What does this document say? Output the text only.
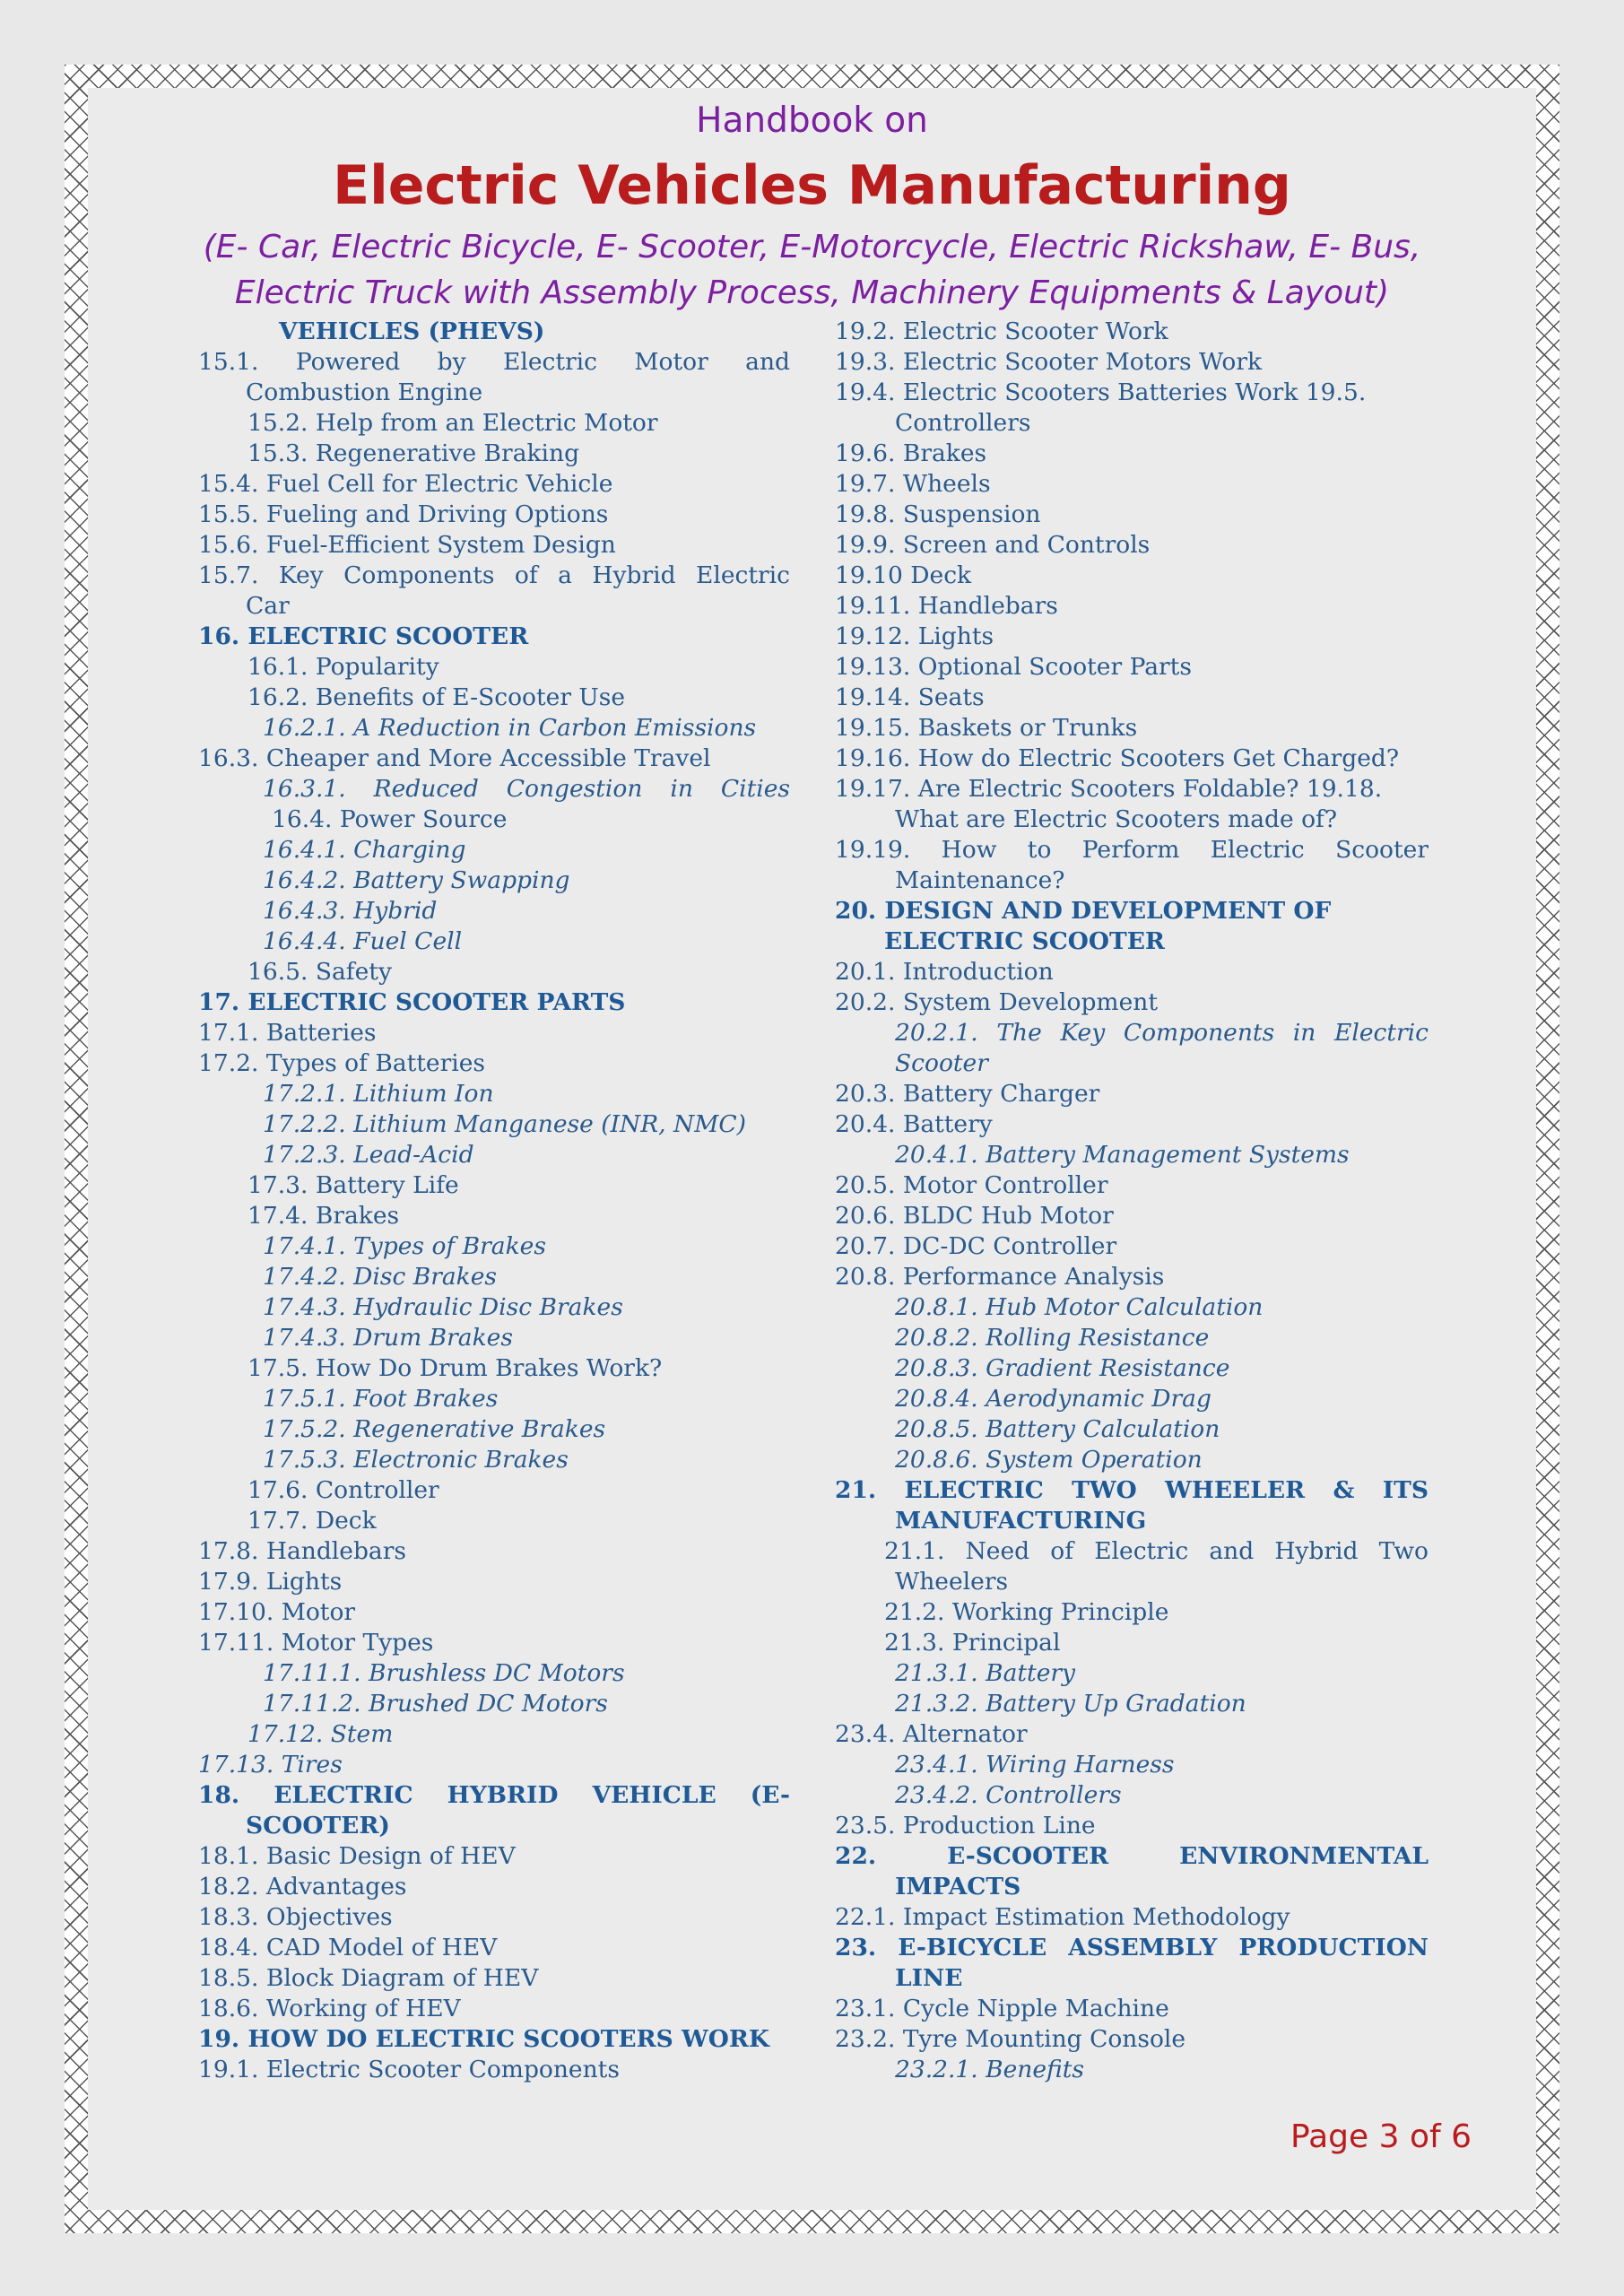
Handbook on
Electric Vehicles Manufacturing
(E- Car, Electric Bicycle, E- Scooter, E-Motorcycle, Electric Rickshaw, E- Bus,
Electric Truck with Assembly Process, Machinery Equipments & Layout)
VEHICLES (PHEVS)
15.1. Powered by Electric Motor and
Combustion Engine
15.2. Help from an Electric Motor
15.3. Regenerative Braking
15.4. Fuel Cell for Electric Vehicle
15.5. Fueling and Driving Options
15.6. Fuel-Efficient System Design
15.7. Key Components of a Hybrid Electric
Car
16. ELECTRIC SCOOTER
16.1. Popularity
16.2. Benefits of E-Scooter Use
16.2.1. A Reduction in Carbon Emissions
16.3. Cheaper and More Accessible Travel
16.3.1. Reduced Congestion in Cities
16.4. Power Source
16.4.1. Charging
16.4.2. Battery Swapping
16.4.3. Hybrid
16.4.4. Fuel Cell
16.5. Safety
17. ELECTRIC SCOOTER PARTS
17.1. Batteries
17.2. Types of Batteries
17.2.1. Lithium Ion
17.2.2. Lithium Manganese (INR, NMC)
17.2.3. Lead-Acid
17.3. Battery Life
17.4. Brakes
17.4.1. Types of Brakes
17.4.2. Disc Brakes
17.4.3. Hydraulic Disc Brakes
17.4.3. Drum Brakes
17.5. How Do Drum Brakes Work?
17.5.1. Foot Brakes
17.5.2. Regenerative Brakes
17.5.3. Electronic Brakes
17.6. Controller
17.7. Deck
17.8. Handlebars
17.9. Lights
17.10. Motor
17.11. Motor Types
17.11.1. Brushless DC Motors
17.11.2. Brushed DC Motors
17.12. Stem
17.13. Tires
18. ELECTRIC HYBRID VEHICLE (E-
SCOOTER)
18.1. Basic Design of HEV
18.2. Advantages
18.3. Objectives
18.4. CAD Model of HEV
18.5. Block Diagram of HEV
18.6. Working of HEV
19. HOW DO ELECTRIC SCOOTERS WORK
19.1. Electric Scooter Components
19.2. Electric Scooter Work
19.3. Electric Scooter Motors Work
19.4. Electric Scooters Batteries Work 19.5.
Controllers
19.6. Brakes
19.7. Wheels
19.8. Suspension
19.9. Screen and Controls
19.10 Deck
19.11. Handlebars
19.12. Lights
19.13. Optional Scooter Parts
19.14. Seats
19.15. Baskets or Trunks
19.16. How do Electric Scooters Get Charged?
19.17. Are Electric Scooters Foldable? 19.18.
What are Electric Scooters made of?
19.19. How to Perform Electric Scooter
Maintenance?
20. DESIGN AND DEVELOPMENT OF
ELECTRIC SCOOTER
20.1. Introduction
20.2. System Development
20.2.1. The Key Components in Electric
Scooter
20.3. Battery Charger
20.4. Battery
20.4.1. Battery Management Systems
20.5. Motor Controller
20.6. BLDC Hub Motor
20.7. DC-DC Controller
20.8. Performance Analysis
20.8.1. Hub Motor Calculation
20.8.2. Rolling Resistance
20.8.3. Gradient Resistance
20.8.4. Aerodynamic Drag
20.8.5. Battery Calculation
20.8.6. System Operation
21. ELECTRIC TWO WHEELER & ITS
MANUFACTURING
21.1. Need of Electric and Hybrid Two
Wheelers
21.2. Working Principle
21.3. Principal
21.3.1. Battery
21.3.2. Battery Up Gradation
23.4. Alternator
23.4.1. Wiring Harness
23.4.2. Controllers
23.5. Production Line
22. E-SCOOTER ENVIRONMENTAL
IMPACTS
22.1. Impact Estimation Methodology
23. E-BICYCLE ASSEMBLY PRODUCTION
LINE
23.1. Cycle Nipple Machine
23.2. Tyre Mounting Console
23.2.1. Benefits
Page 3 of 6
